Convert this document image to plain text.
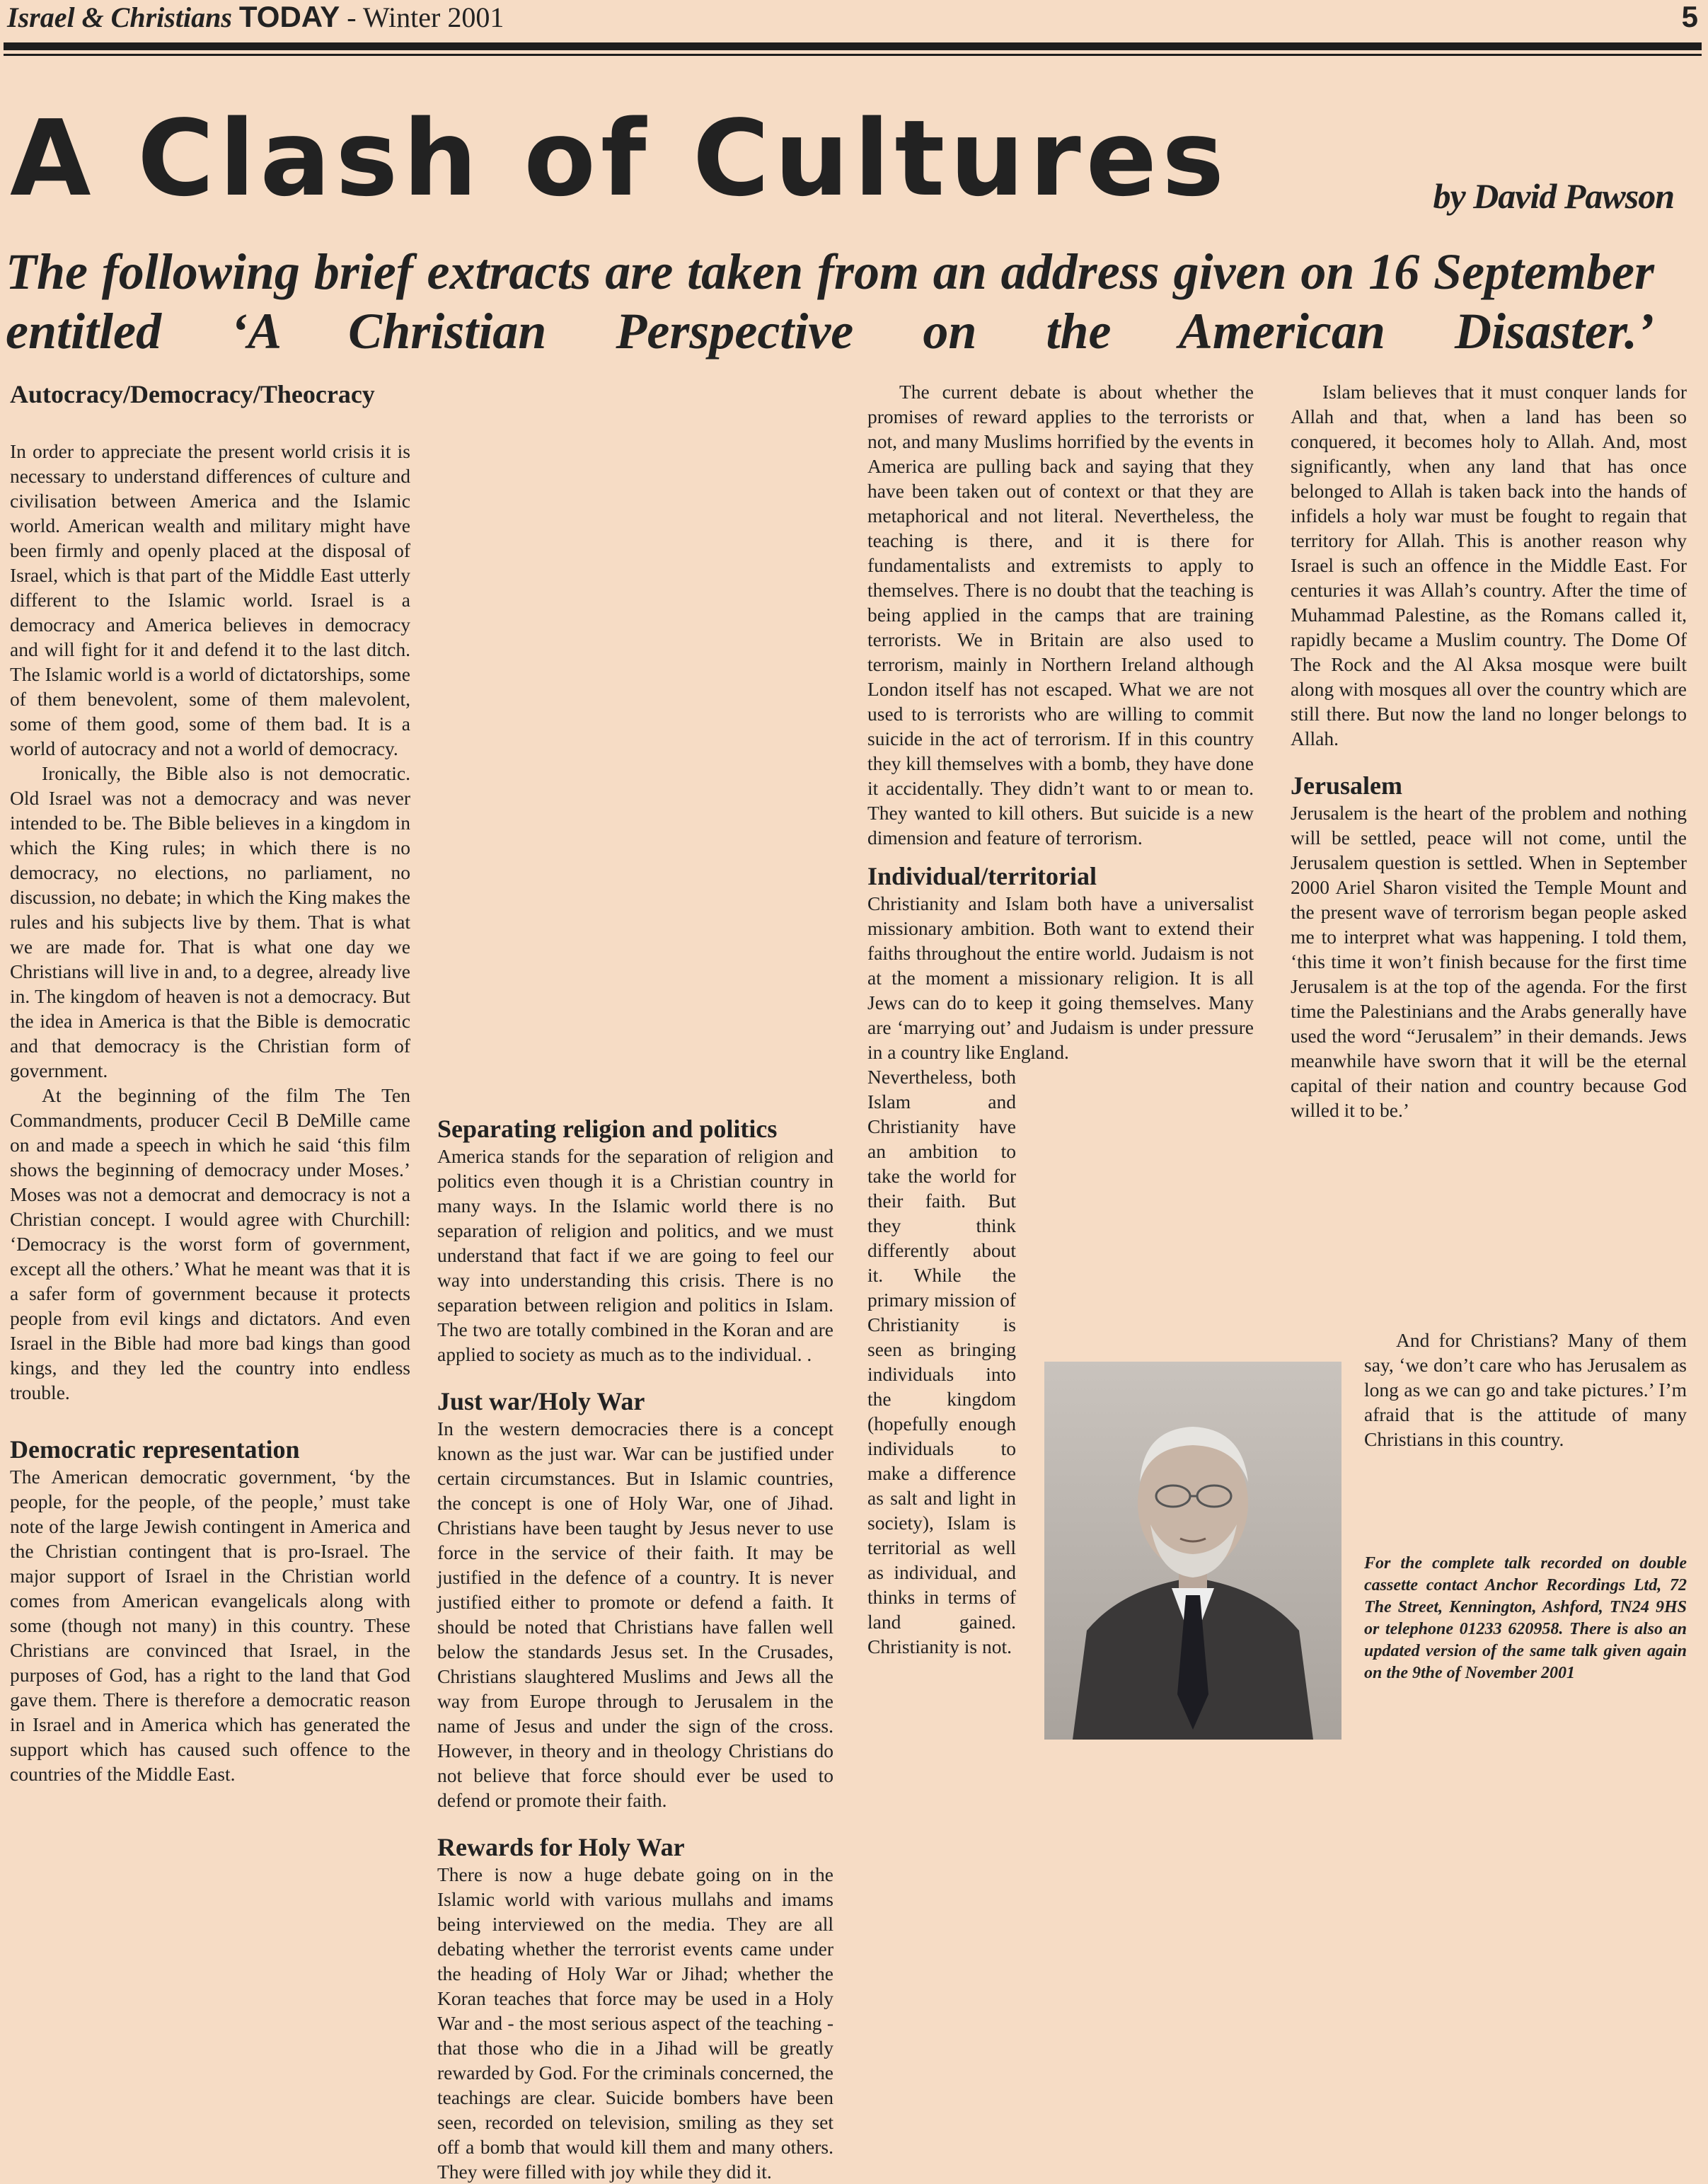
Israel & Christians TODAY - Winter 2001	5
A Clash of Cultures	by David Pawson

The following brief extracts are taken from an address given on 16 September entitled ‘A Christian Perspective on the American Disaster.’

Autocracy/Democracy/Theocracy

In order to appreciate the present world crisis it is necessary to understand differences of culture and civilisation between America and the Islamic world. American wealth and military might have been firmly and openly placed at the disposal of Israel, which is that part of the Middle East utterly different to the Islamic world. Israel is a democracy and America believes in democracy and will fight for it and defend it to the last ditch. The Islamic world is a world of dictatorships, some of them benevolent, some of them malevolent, some of them good, some of them bad. It is a world of autocracy and not a world of democracy.

Ironically, the Bible also is not democratic. Old Israel was not a democracy and was never intended to be. The Bible believes in a kingdom in which the King rules; in which there is no democracy, no elections, no parliament, no discussion, no debate; in which the King makes the rules and his subjects live by them. That is what we are made for. That is what one day we Christians will live in and, to a degree, already live in. The kingdom of heaven is not a democracy. But the idea in America is that the Bible is democratic and that democracy is the Christian form of government.

At the beginning of the film The Ten Commandments, producer Cecil B DeMille came on and made a speech in which he said ‘this film shows the beginning of democracy under Moses.’ Moses was not a democrat and democracy is not a Christian concept. I would agree with Churchill: ‘Democracy is the worst form of government, except all the others.’ What he meant was that it is a safer form of government because it protects people from evil kings and dictators. And even Israel in the Bible had more bad kings than good kings, and they led the country into endless trouble.

Democratic representation

The American democratic government, ‘by the people, for the people, of the people,’ must take note of the large Jewish contingent in America and the Christian contingent that is pro-Israel. The major support of Israel in the Christian world comes from American evangelicals along with some (though not many) in this country. These Christians are convinced that Israel, in the purposes of God, has a right to the land that God gave them. There is therefore a democratic reason in Israel and in America which has generated the support which has caused such offence to the countries of the Middle East.

Separating religion and politics

America stands for the separation of religion and politics even though it is a Christian country in many ways. In the Islamic world there is no separation of religion and politics, and we must understand that fact if we are going to feel our way into understanding this crisis. There is no separation between religion and politics in Islam. The two are totally combined in the Koran and are applied to society as much as to the individual. .

Just war/Holy War

In the western democracies there is a concept known as the just war. War can be justified under certain circumstances. But in Islamic countries, the concept is one of Holy War, one of Jihad. Christians have been taught by Jesus never to use force in the service of their faith. It may be justified in the defence of a country. It is never justified either to promote or defend a faith. It should be noted that Christians have fallen well below the standards Jesus set. In the Crusades, Christians slaughtered Muslims and Jews all the way from Europe through to Jerusalem in the name of Jesus and under the sign of the cross. However, in theory and in theology Christians do not believe that force should ever be used to defend or promote their faith.

Rewards for Holy War

There is now a huge debate going on in the Islamic world with various mullahs and imams being interviewed on the media. They are all debating whether the terrorist events came under the heading of Holy War or Jihad; whether the Koran teaches that force may be used in a Holy War and - the most serious aspect of the teaching - that those who die in a Jihad will be greatly rewarded by God. For the criminals concerned, the teachings are clear. Suicide bombers have been seen, recorded on television, smiling as they set off a bomb that would kill them and many others. They were filled with joy while they did it.

The current debate is about whether the promises of reward applies to the terrorists or not, and many Muslims horrified by the events in America are pulling back and saying that they have been taken out of context or that they are metaphorical and not literal. Nevertheless, the teaching is there, and it is there for fundamentalists and extremists to apply to themselves. There is no doubt that the teaching is being applied in the camps that are training terrorists. We in Britain are also used to terrorism, mainly in Northern Ireland although London itself has not escaped. What we are not used to is terrorists who are willing to commit suicide in the act of terrorism. If in this country they kill themselves with a bomb, they have done it accidentally. They didn’t want to or mean to. They wanted to kill others. But suicide is a new dimension and feature of terrorism.

Individual/territorial

Christianity and Islam both have a universalist missionary ambition. Both want to extend their faiths throughout the entire world. Judaism is not at the moment a missionary religion. It is all Jews can do to keep it going themselves. Many are ‘marrying out’ and Judaism is under pressure in a country like England.

Nevertheless, both Islam and Christianity have an ambition to take the world for their faith. But they think differently about it. While the primary mission of Christianity is seen as bringing individuals into the kingdom (hopefully enough individuals to make a difference as salt and light in society), Islam is territorial as well as individual, and thinks in terms of land gained. Christianity is not.

Islam believes that it must conquer lands for Allah and that, when a land has been so conquered, it becomes holy to Allah. And, most significantly, when any land that has once belonged to Allah is taken back into the hands of infidels a holy war must be fought to regain that territory for Allah. This is another reason why Israel is such an offence in the Middle East. For centuries it was Allah’s country. After the time of Muhammad Palestine, as the Romans called it, rapidly became a Muslim country. The Dome Of The Rock and the Al Aksa mosque were built along with mosques all over the country which are still there. But now the land no longer belongs to Allah.

Jerusalem

Jerusalem is the heart of the problem and nothing will be settled, peace will not come, until the Jerusalem question is settled. When in September 2000 Ariel Sharon visited the Temple Mount and the present wave of terrorism began people asked me to interpret what was happening. I told them, ‘this time it won’t finish because for the first time Jerusalem is at the top of the agenda. For the first time the Palestinians and the Arabs generally have used the word “Jerusalem” in their demands. Jews meanwhile have sworn that it will be the eternal capital of their nation and country because God willed it to be.’

And for Christians? Many of them say, ‘we don’t care who has Jerusalem as long as we can go and take pictures.’ I’m afraid that is the attitude of many Christians in this country.

For the complete talk recorded on double cassette contact Anchor Recordings Ltd, 72 The Street, Kennington, Ashford, TN24 9HS or telephone 01233 620958. There is also an updated version of the same talk given again on the 9the of November 2001
